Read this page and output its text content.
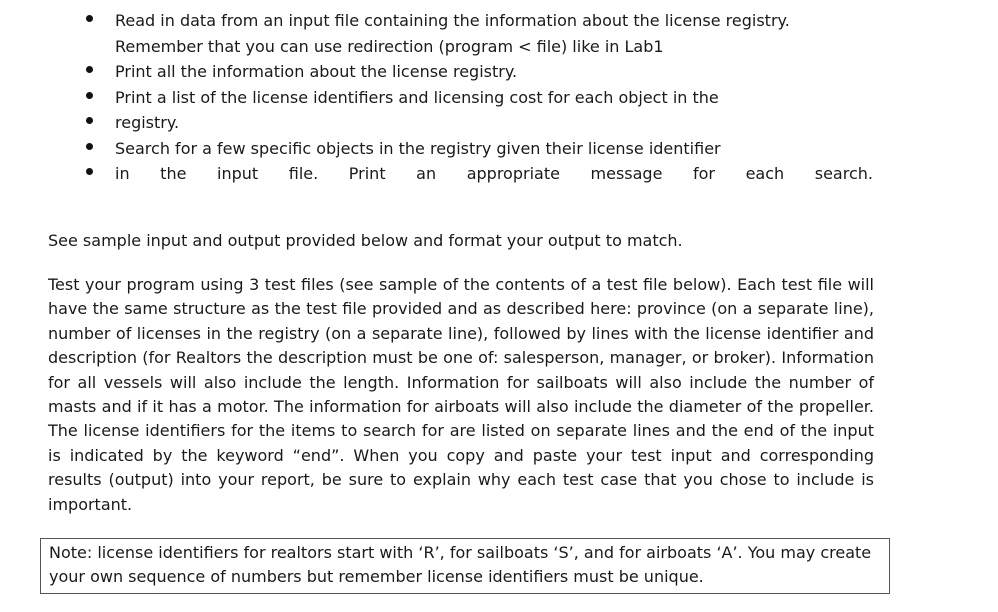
Read in data from an input file containing the information about the license registry.
Remember that you can use redirection (program < file) like in Lab1
Print all the information about the license registry.
Print a list of the license identifiers and licensing cost for each object in the
registry.
Search for a few specific objects in the registry given their license identifier
in the input file. Print an appropriate message for each search.

See sample input and output provided below and format your output to match.

Test your program using 3 test files (see sample of the contents of a test file below). Each test file will have the same structure as the test file provided and as described here: province (on a separate line), number of licenses in the registry (on a separate line), followed by lines with the license identifier and description (for Realtors the description must be one of: salesperson, manager, or broker). Information for all vessels will also include the length. Information for sailboats will also include the number of masts and if it has a motor. The information for airboats will also include the diameter of the propeller. The license identifiers for the items to search for are listed on separate lines and the end of the input is indicated by the keyword “end”. When you copy and paste your test input and corresponding results (output) into your report, be sure to explain why each test case that you chose to include is important.

Note: license identifiers for realtors start with ‘R’, for sailboats ‘S’, and for airboats ‘A’. You may create your own sequence of numbers but remember license identifiers must be unique.
